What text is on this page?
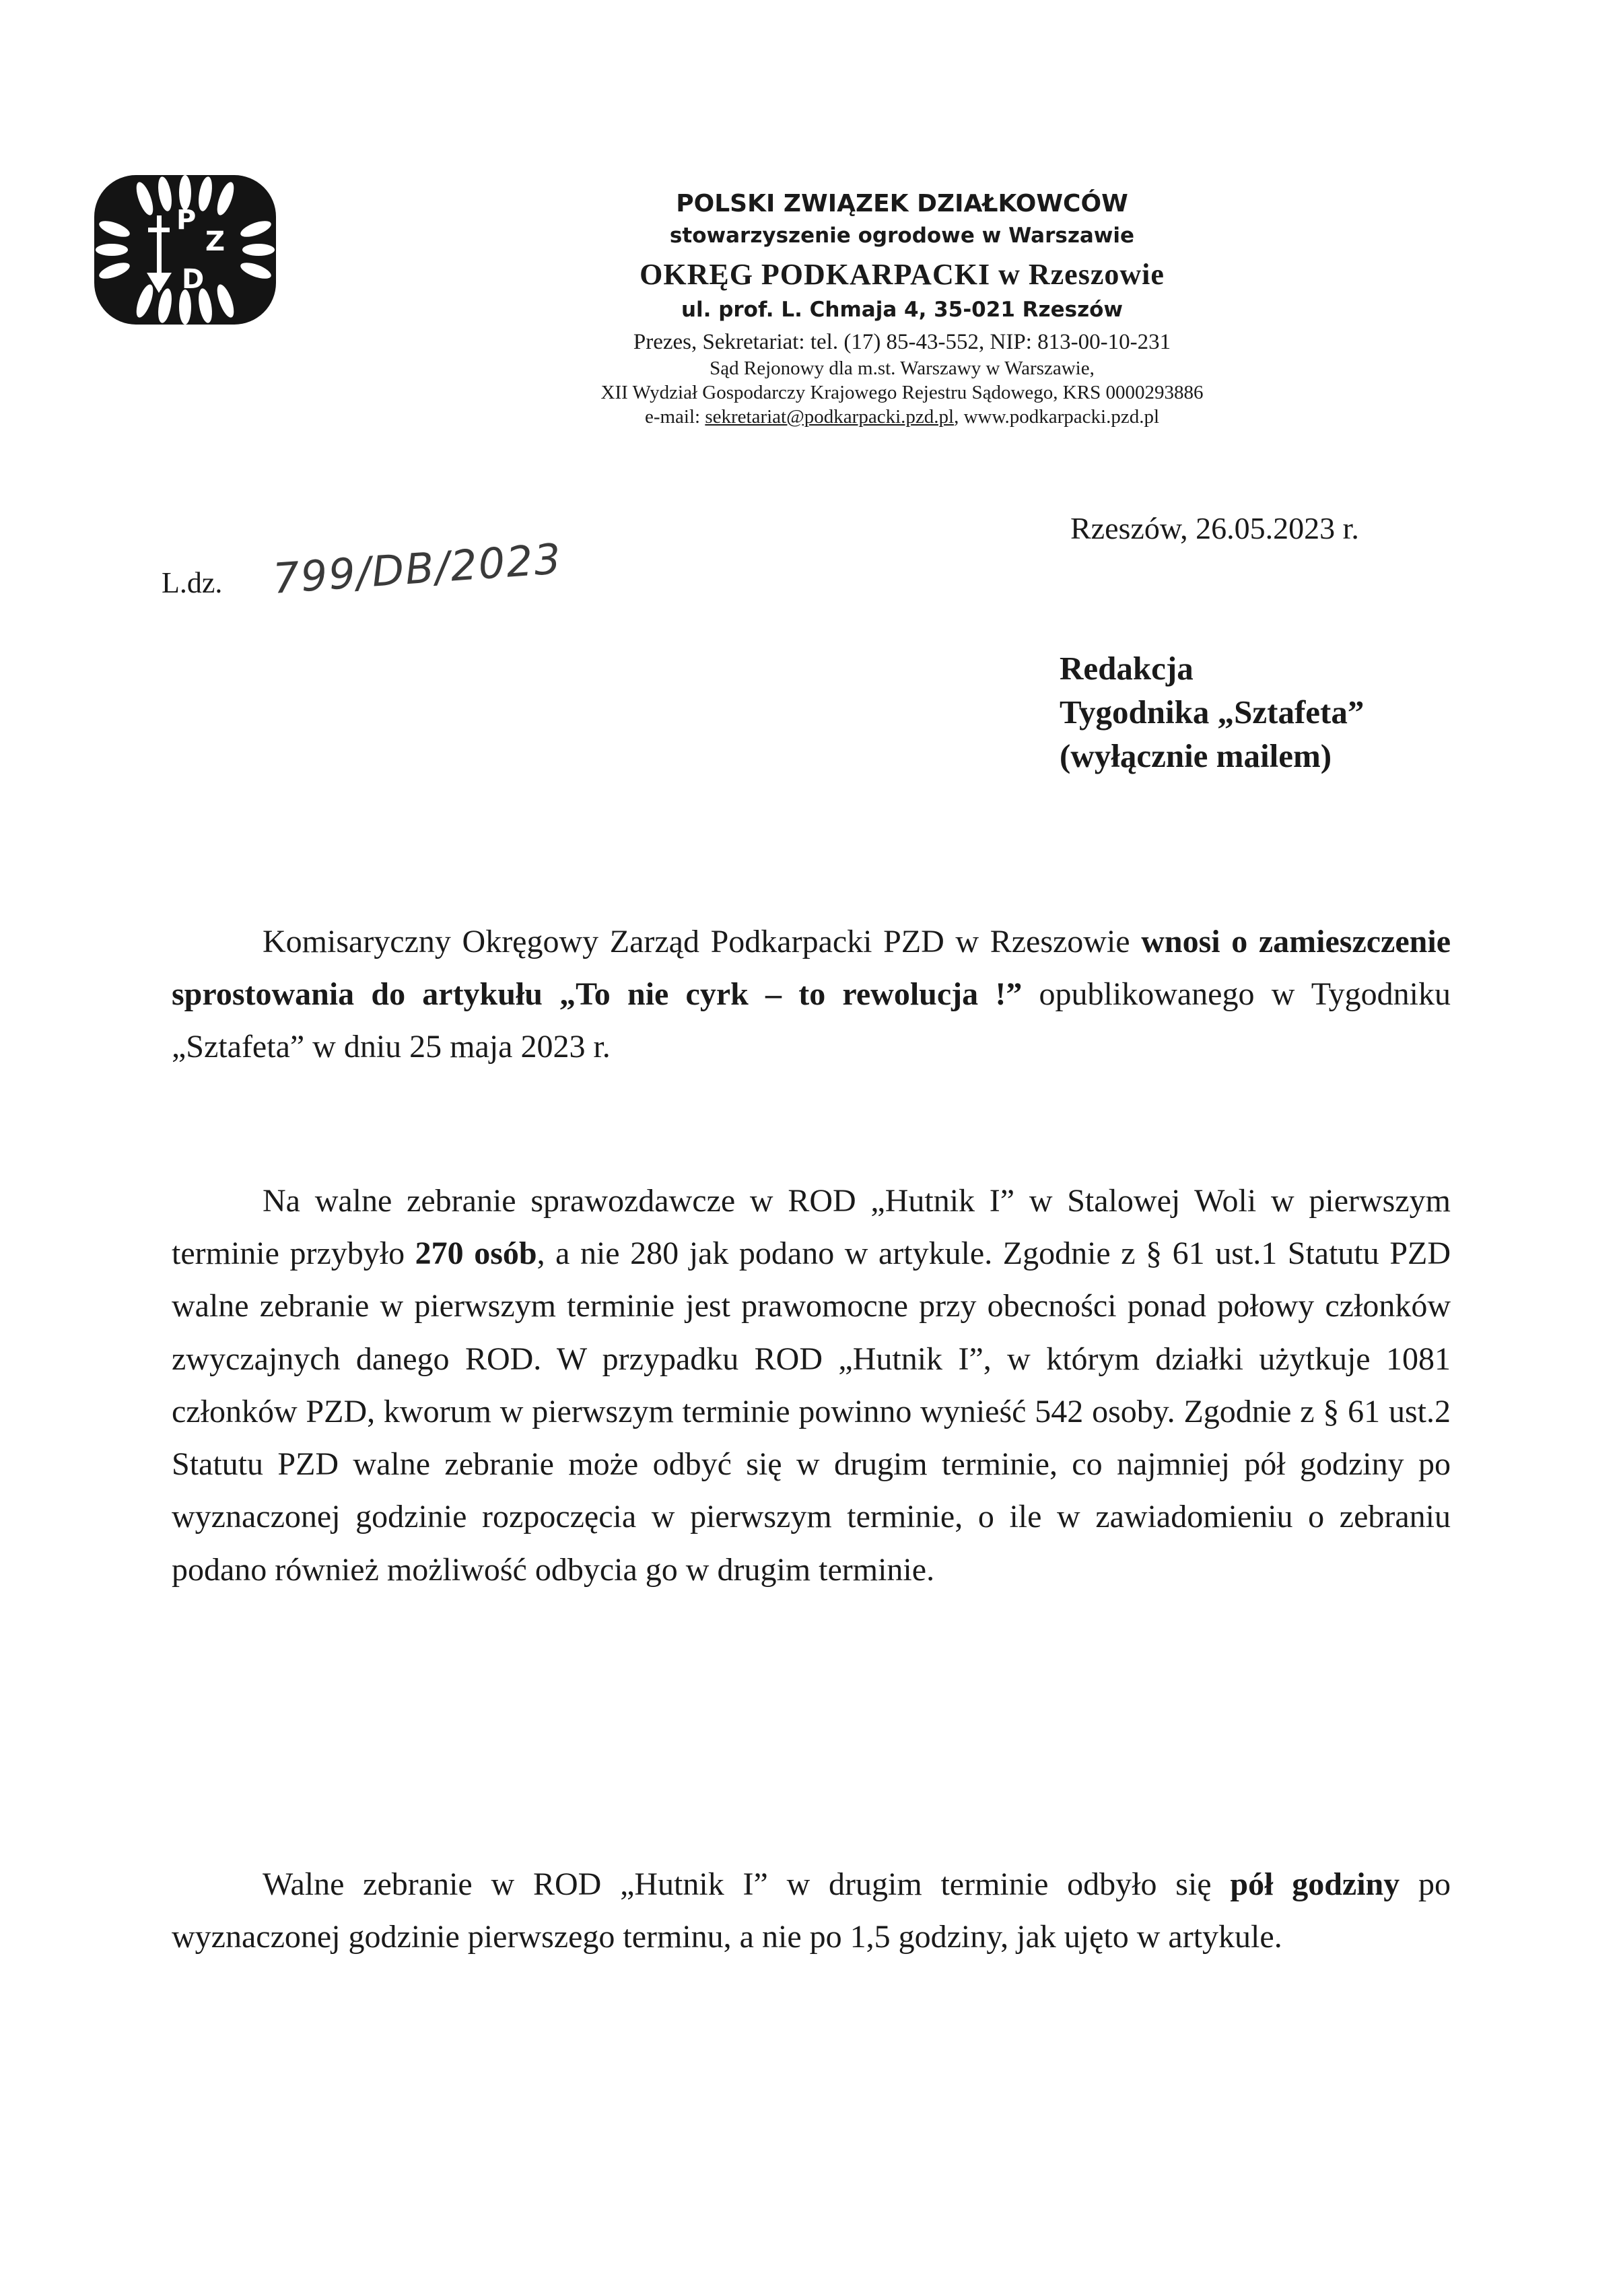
P
Z
D
POLSKI ZWIĄZEK DZIAŁKOWCÓW
stowarzyszenie ogrodowe w Warszawie
OKRĘG PODKARPACKI w Rzeszowie
ul. prof. L. Chmaja 4, 35-021 Rzeszów
Prezes, Sekretariat: tel. (17) 85-43-552, NIP: 813-00-10-231
Sąd Rejonowy dla m.st. Warszawy w Warszawie,
XII Wydział Gospodarczy Krajowego Rejestru Sądowego, KRS 0000293886
e-mail: sekretariat@podkarpacki.pzd.pl, www.podkarpacki.pzd.pl
L.dz. 799/DB/2023
Rzeszów, 26.05.2023 r.
Redakcja
Tygodnika „Sztafeta”
(wyłącznie mailem)
Komisaryczny Okręgowy Zarząd Podkarpacki PZD w Rzeszowie wnosi o zamieszczenie sprostowania do artykułu „To nie cyrk – to rewolucja !” opublikowanego w Tygodniku „Sztafeta” w dniu 25 maja 2023 r.
Na walne zebranie sprawozdawcze w ROD „Hutnik I” w Stalowej Woli w pierwszym terminie przybyło 270 osób, a nie 280 jak podano w artykule. Zgodnie z § 61 ust.1 Statutu PZD walne zebranie w pierwszym terminie jest prawomocne przy obecności ponad połowy członków zwyczajnych danego ROD. W przypadku ROD „Hutnik I”, w którym działki użytkuje 1081 członków PZD, kworum w pierwszym terminie powinno wynieść 542 osoby. Zgodnie z § 61 ust.2 Statutu PZD walne zebranie może odbyć się w drugim terminie, co najmniej pół godziny po wyznaczonej godzinie rozpoczęcia w pierwszym terminie, o ile w zawiadomieniu o zebraniu podano również możliwość odbycia go w drugim terminie.
Walne zebranie w ROD „Hutnik I” w drugim terminie odbyło się pół godziny po wyznaczonej godzinie pierwszego terminu, a nie po 1,5 godziny, jak ujęto w artykule.
